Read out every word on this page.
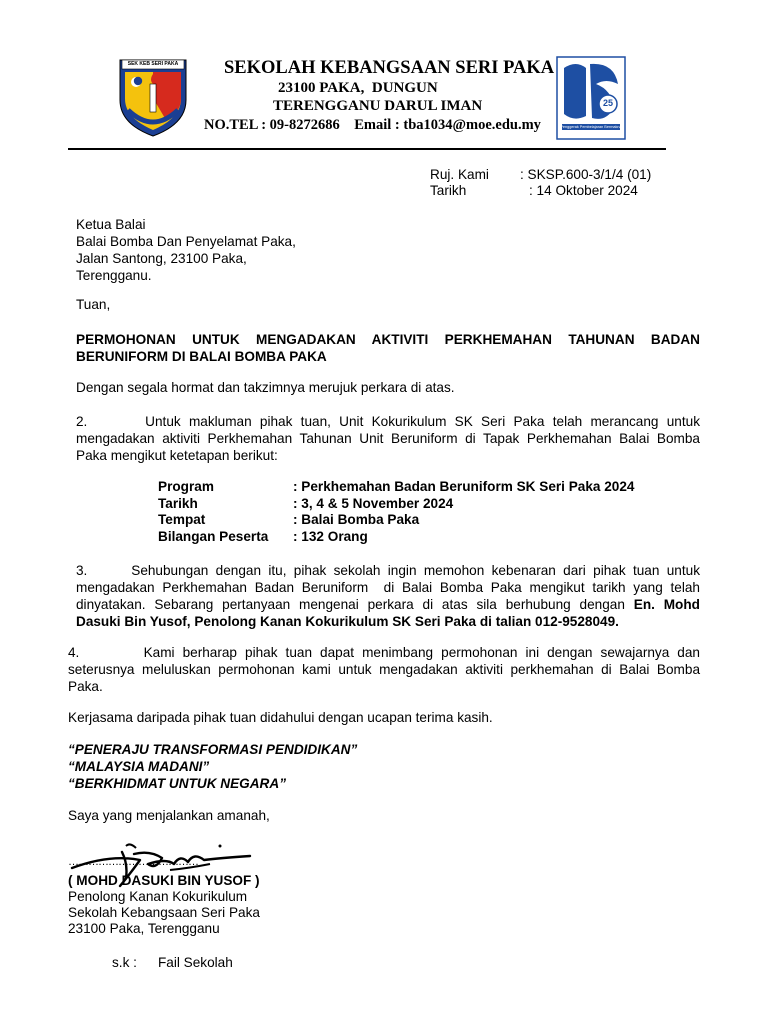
SEK KEB SERI PAKA
25
Penggerak Pembelajaran Bermakna
SEKOLAH KEBANGSAAN SERI PAKA
23100 PAKA,  DUNGUN
TERENGGANU DARUL IMAN
NO.TEL : 09-8272686    Email : tba1034@moe.edu.my
Ruj. Kami	: SKSP.600-3/1/4 (01)
Tarikh	: 14 Oktober 2024
Ketua Balai
Balai Bomba Dan Penyelamat Paka,
Jalan Santong, 23100 Paka,
Terengganu.
Tuan,
PERMOHONAN UNTUK MENGADAKAN AKTIVITI PERKHEMAHAN TAHUNAN BADAN
BERUNIFORM DI BALAI BOMBA PAKA
Dengan segala hormat dan takzimnya merujuk perkara di atas.
2.       Untuk makluman pihak tuan, Unit Kokurikulum SK Seri Paka telah merancang untuk
mengadakan aktiviti Perkhemahan Tahunan Unit Beruniform di Tapak Perkhemahan Balai Bomba
Paka mengikut ketetapan berikut:
Program	: Perkhemahan Badan Beruniform SK Seri Paka 2024
Tarikh	: 3, 4 & 5 November 2024
Tempat	: Balai Bomba Paka
Bilangan Peserta	: 132 Orang
3.      Sehubungan dengan itu, pihak sekolah ingin memohon kebenaran dari pihak tuan untuk
mengadakan Perkhemahan Badan Beruniform  di Balai Bomba Paka mengikut tarikh yang telah
dinyatakan. Sebarang pertanyaan mengenai perkara di atas sila berhubung dengan En. Mohd
Dasuki Bin Yusof, Penolong Kanan Kokurikulum SK Seri Paka di talian 012-9528049.
4.        Kami berharap pihak tuan dapat menimbang permohonan ini dengan sewajarnya dan
seterusnya meluluskan permohonan kami untuk mengadakan aktiviti perkhemahan di Balai Bomba
Paka.
Kerjasama daripada pihak tuan didahului dengan ucapan terima kasih.
“PENERAJU TRANSFORMASI PENDIDIKAN”
“MALAYSIA MADANI”
“BERKHIDMAT UNTUK NEGARA”
Saya yang menjalankan amanah,
…………………………………
( MOHD DASUKI BIN YUSOF )
Penolong Kanan Kokurikulum
Sekolah Kebangsaan Seri Paka
23100 Paka, Terengganu
s.k : Fail Sekolah
